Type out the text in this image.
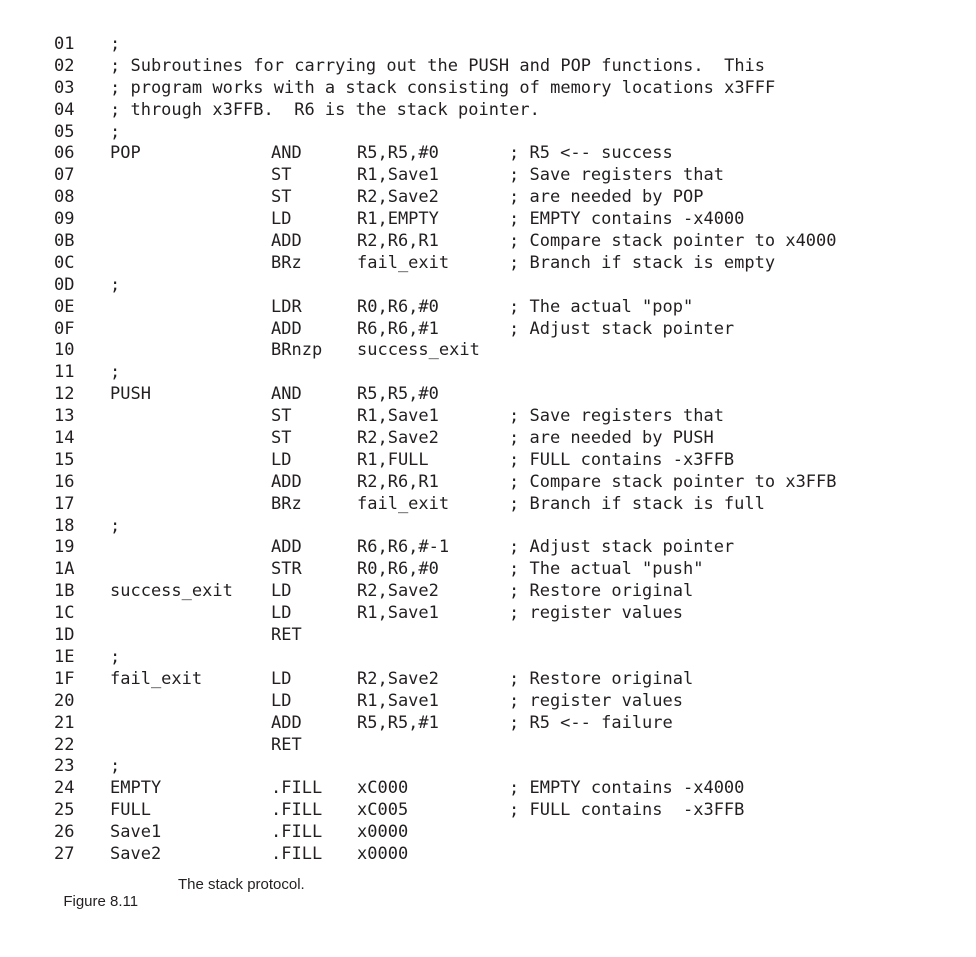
01 ;
02 ; Subroutines for carrying out the PUSH and POP functions.  This
03 ; program works with a stack consisting of memory locations x3FFF
04 ; through x3FFB.  R6 is the stack pointer.
05 ;
06 POP	AND	R5,R5,#0	; R5 <-- success
07	ST	R1,Save1	; Save registers that
08	ST	R2,Save2	; are needed by POP
09	LD	R1,EMPTY	; EMPTY contains -x4000
0B	ADD	R2,R6,R1	; Compare stack pointer to x4000
0C	BRz	fail_exit	; Branch if stack is empty
0D ;
0E	LDR	R0,R6,#0	; The actual "pop"
0F	ADD	R6,R6,#1	; Adjust stack pointer
10	BRnzp success_exit
11 ;
12 PUSH	AND	R5,R5,#0
13	ST	R1,Save1	; Save registers that
14	ST	R2,Save2	; are needed by PUSH
15	LD	R1,FULL	; FULL contains -x3FFB
16	ADD	R2,R6,R1	; Compare stack pointer to x3FFB
17	BRz	fail_exit	; Branch if stack is full
18 ;
19	ADD	R6,R6,#-1	; Adjust stack pointer
1A	STR	R0,R6,#0	; The actual "push"
1B success_exit LD	R2,Save2	; Restore original
1C	LD	R1,Save1	; register values
1D	RET
1E ;
1F fail_exit	LD	R2,Save2	; Restore original
20	LD	R1,Save1	; register values
21	ADD	R5,R5,#1	; R5 <-- failure
22	RET
23 ;
24 EMPTY	.FILL xC000	; EMPTY contains -x4000
25 FULL	.FILL xC005	; FULL contains  -x3FFB
26 Save1	.FILL x0000
27 Save2	.FILL x0000

Figure 8.11

The stack protocol.
